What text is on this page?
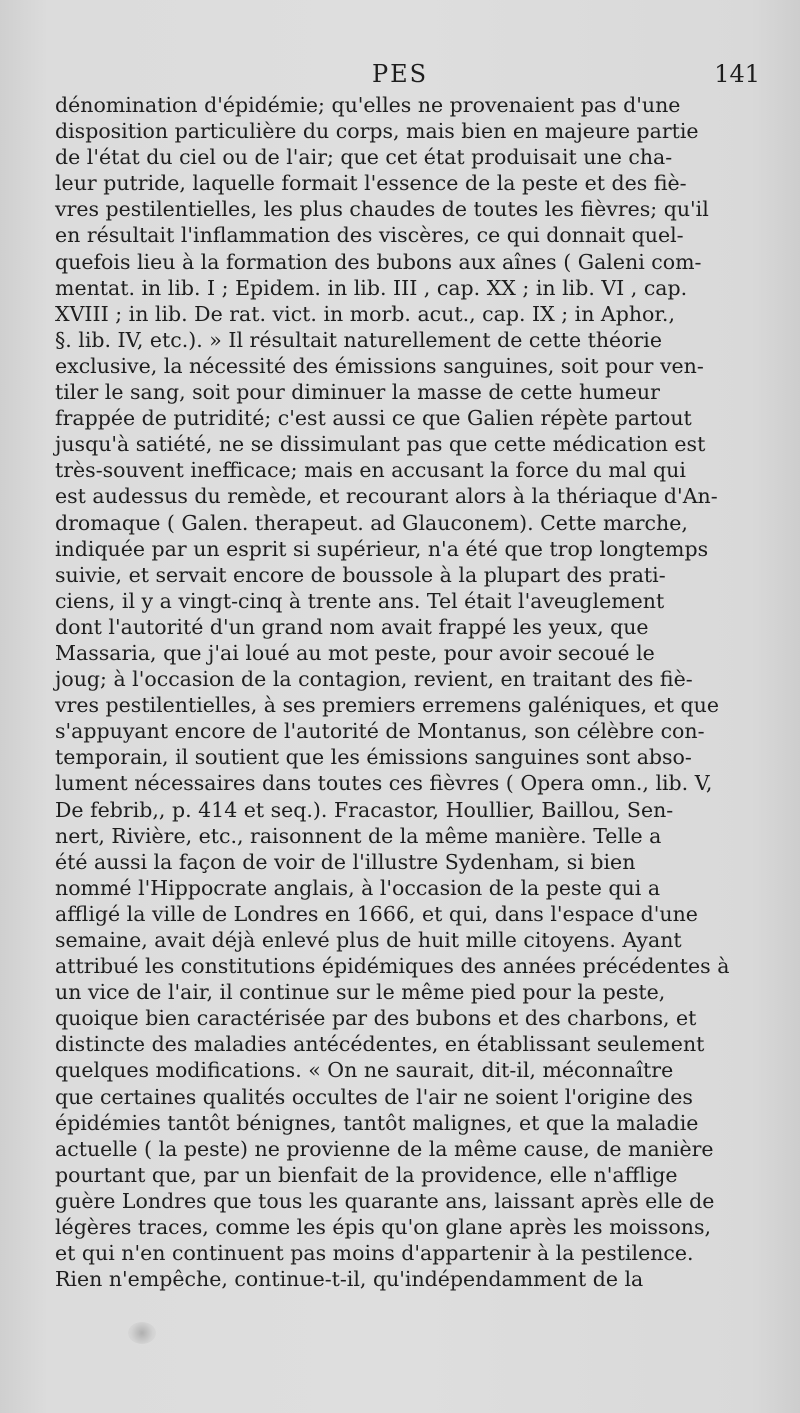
PES	141
dénomination d'épidémie; qu'elles ne provenaient pas d'une
disposition particulière du corps, mais bien en majeure partie
de l'état du ciel ou de l'air; que cet état produisait une cha-
leur putride, laquelle formait l'essence de la peste et des fiè-
vres pestilentielles, les plus chaudes de toutes les fièvres; qu'il
en résultait l'inflammation des viscères, ce qui donnait quel-
quefois lieu à la formation des bubons aux aînes ( Galeni com-
mentat. in lib. I ; Epidem. in lib. III , cap. XX ; in lib. VI , cap.
XVIII ; in lib. De rat. vict. in morb. acut., cap. IX ; in Aphor.,
§. lib. IV, etc.). » Il résultait naturellement de cette théorie
exclusive, la nécessité des émissions sanguines, soit pour ven-
tiler le sang, soit pour diminuer la masse de cette humeur
frappée de putridité; c'est aussi ce que Galien répète partout
jusqu'à satiété, ne se dissimulant pas que cette médication est
très-souvent inefficace; mais en accusant la force du mal qui
est audessus du remède, et recourant alors à la thériaque d'An-
dromaque ( Galen. therapeut. ad Glauconem). Cette marche,
indiquée par un esprit si supérieur, n'a été que trop longtemps
suivie, et servait encore de boussole à la plupart des prati-
ciens, il y a vingt-cinq à trente ans. Tel était l'aveuglement
dont l'autorité d'un grand nom avait frappé les yeux, que
Massaria, que j'ai loué au mot peste, pour avoir secoué le
joug; à l'occasion de la contagion, revient, en traitant des fiè-
vres pestilentielles, à ses premiers erremens galéniques, et que
s'appuyant encore de l'autorité de Montanus, son célèbre con-
temporain, il soutient que les émissions sanguines sont abso-
lument nécessaires dans toutes ces fièvres ( Opera omn., lib. V,
De febrib,, p. 414 et seq.). Fracastor, Houllier, Baillou, Sen-
nert, Rivière, etc., raisonnent de la même manière. Telle a
été aussi la façon de voir de l'illustre Sydenham, si bien
nommé l'Hippocrate anglais, à l'occasion de la peste qui a
affligé la ville de Londres en 1666, et qui, dans l'espace d'une
semaine, avait déjà enlevé plus de huit mille citoyens. Ayant
attribué les constitutions épidémiques des années précédentes à
un vice de l'air, il continue sur le même pied pour la peste,
quoique bien caractérisée par des bubons et des charbons, et
distincte des maladies antécédentes, en établissant seulement
quelques modifications. « On ne saurait, dit-il, méconnaître
que certaines qualités occultes de l'air ne soient l'origine des
épidémies tantôt bénignes, tantôt malignes, et que la maladie
actuelle ( la peste) ne provienne de la même cause, de manière
pourtant que, par un bienfait de la providence, elle n'afflige
guère Londres que tous les quarante ans, laissant après elle de
légères traces, comme les épis qu'on glane après les moissons,
et qui n'en continuent pas moins d'appartenir à la pestilence.
Rien n'empêche, continue-t-il, qu'indépendamment de la
